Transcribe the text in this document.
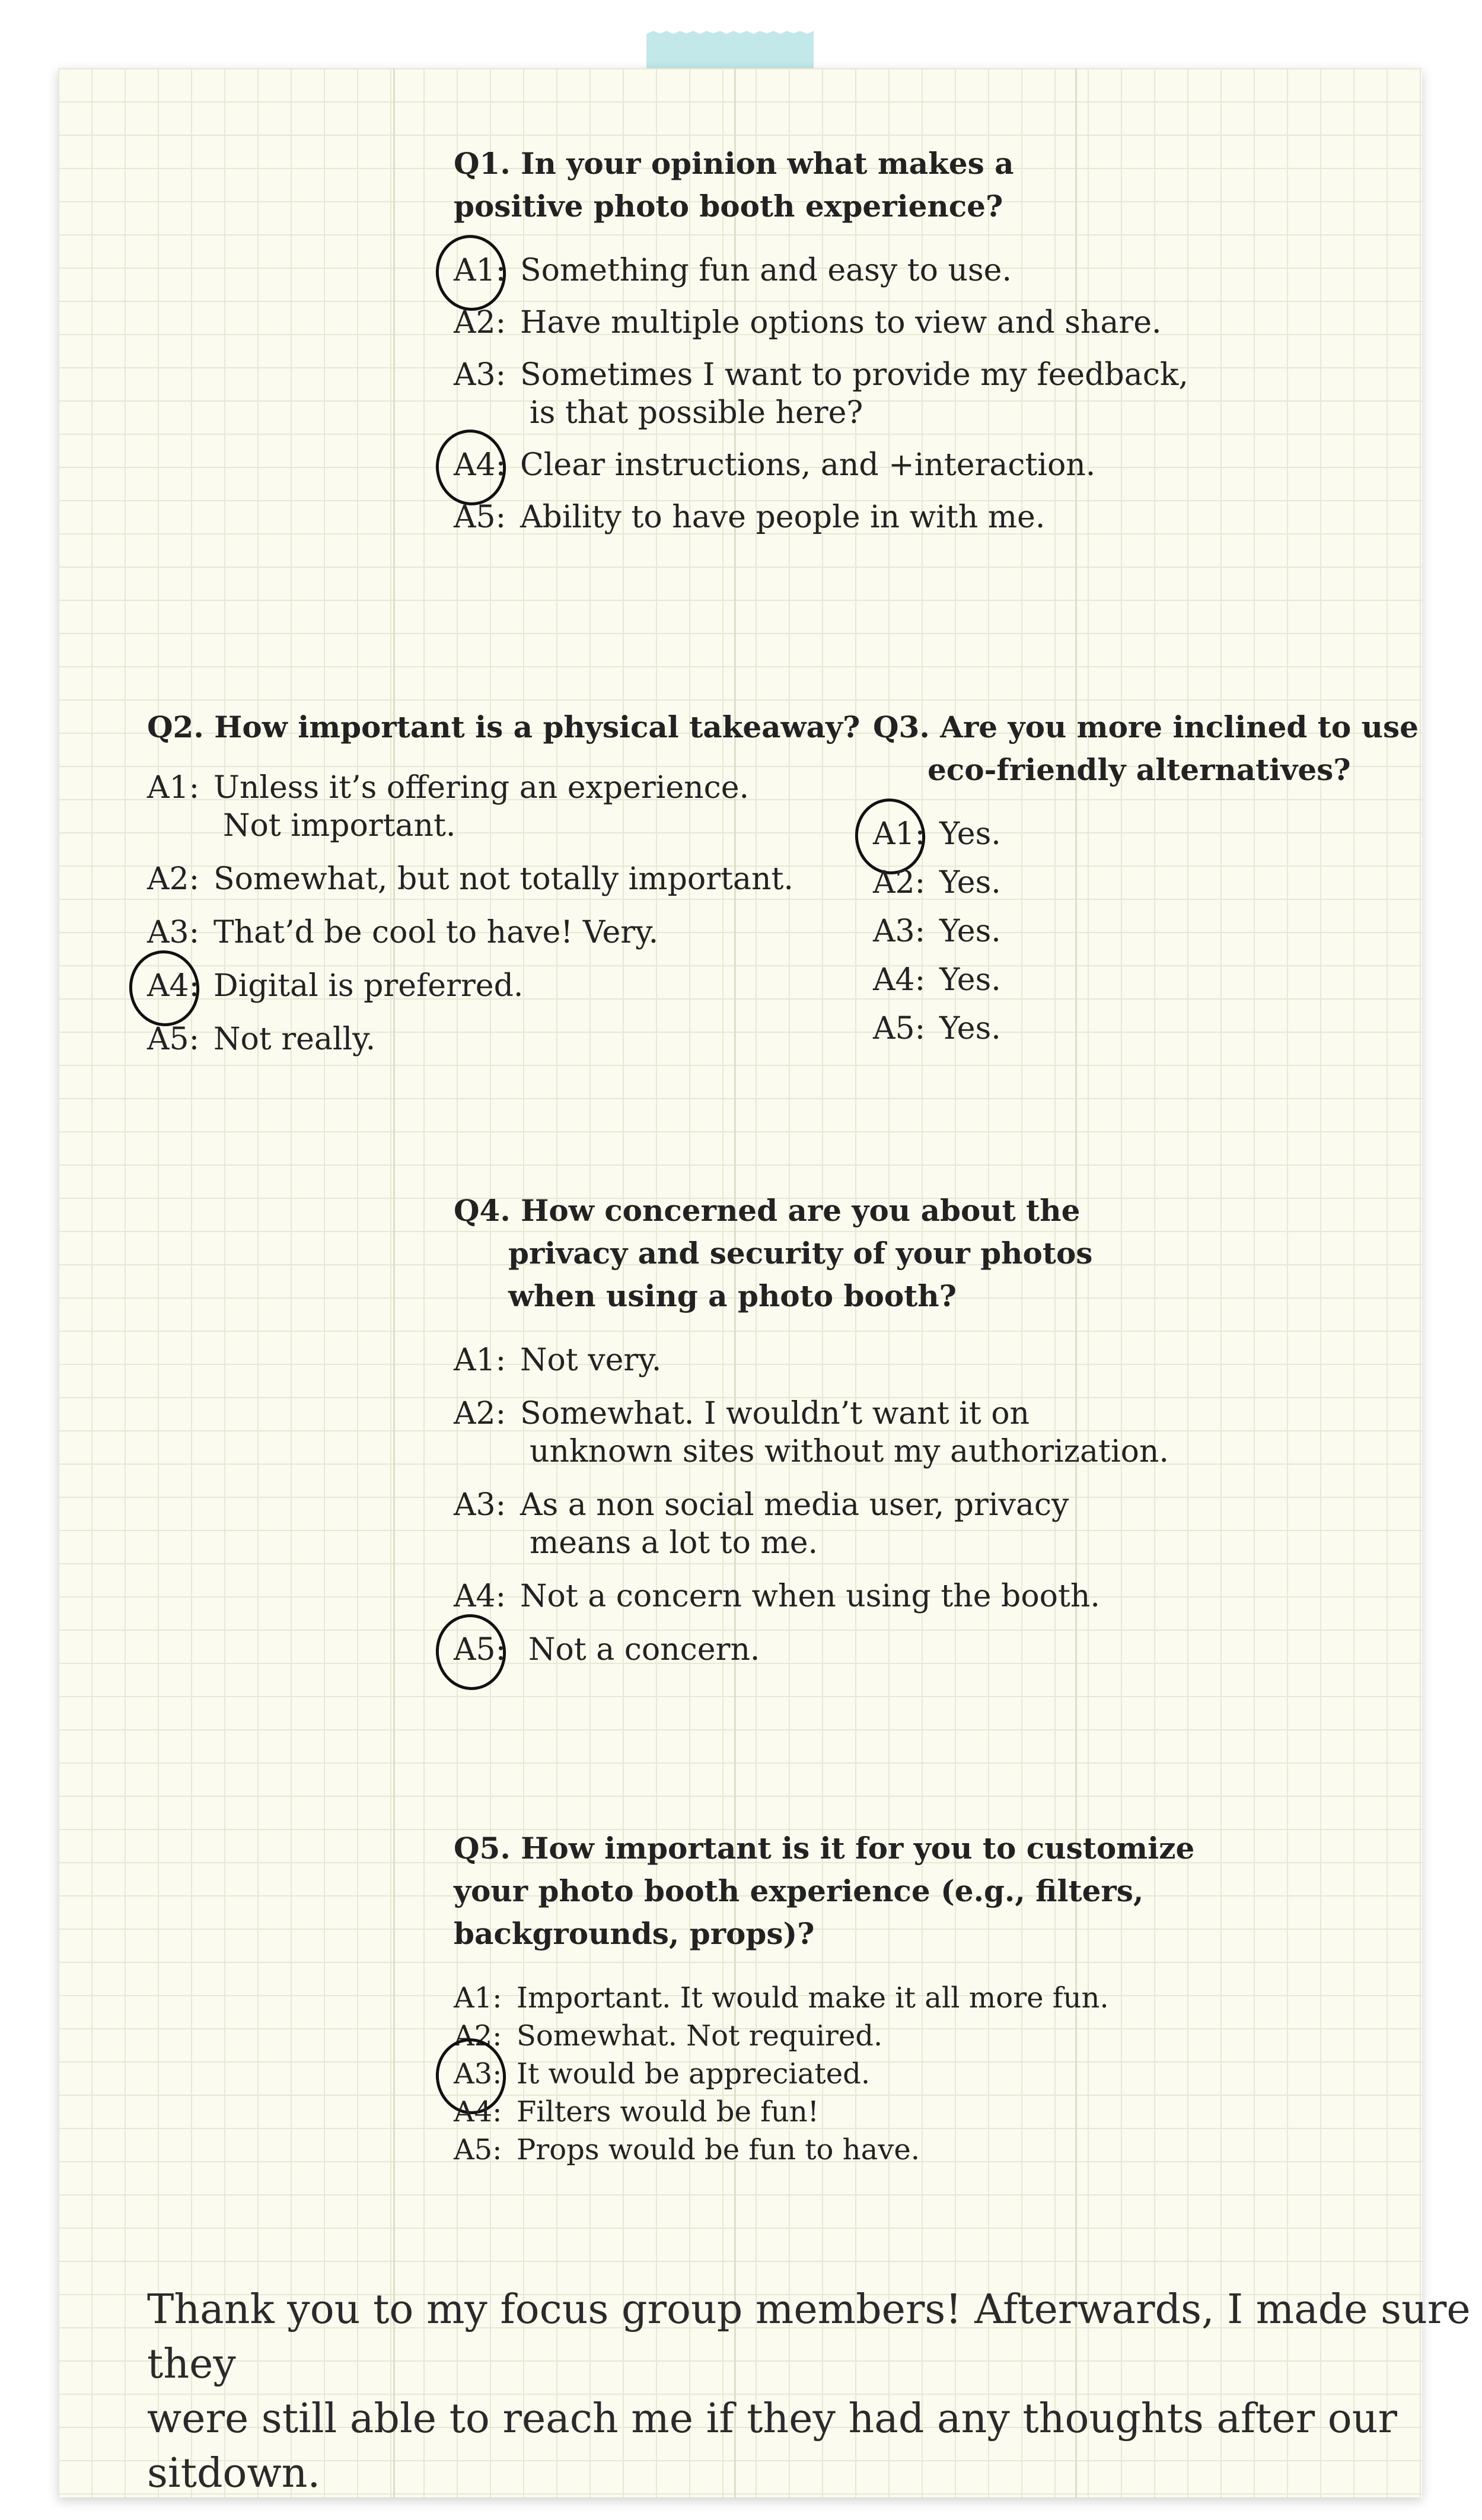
Q1. In your opinion what makes a
positive photo booth experience?

A1: Something fun and easy to use.
A2: Have multiple options to view and share.
A3: Sometimes I want to provide my feedback,
is that possible here?
A4: Clear instructions, and +interaction.
A5: Ability to have people in with me.

Q2. How important is a physical takeaway?

A1: Unless it’s offering an experience.
Not important.
A2: Somewhat, but not totally important.
A3: That’d be cool to have! Very.
A4: Digital is preferred.
A5: Not really.

Q3. Are you more inclined to use
eco-friendly alternatives?

A1: Yes.
A2: Yes.
A3: Yes.
A4: Yes.
A5: Yes.

Q4. How concerned are you about the
privacy and security of your photos
when using a photo booth?

A1: Not very.
A2: Somewhat. I wouldn’t want it on
unknown sites without my authorization.
A3: As a non social media user, privacy
means a lot to me.
A4: Not a concern when using the booth.
A5: Not a concern.

Q5. How important is it for you to customize
your photo booth experience (e.g., filters,
backgrounds, props)?

A1: Important. It would make it all more fun.
A2: Somewhat. Not required.
A3: It would be appreciated.
A4: Filters would be fun!
A5: Props would be fun to have.
Thank you to my focus group members! Afterwards, I made sure they
were still able to reach me if they had any thoughts after our sitdown.
